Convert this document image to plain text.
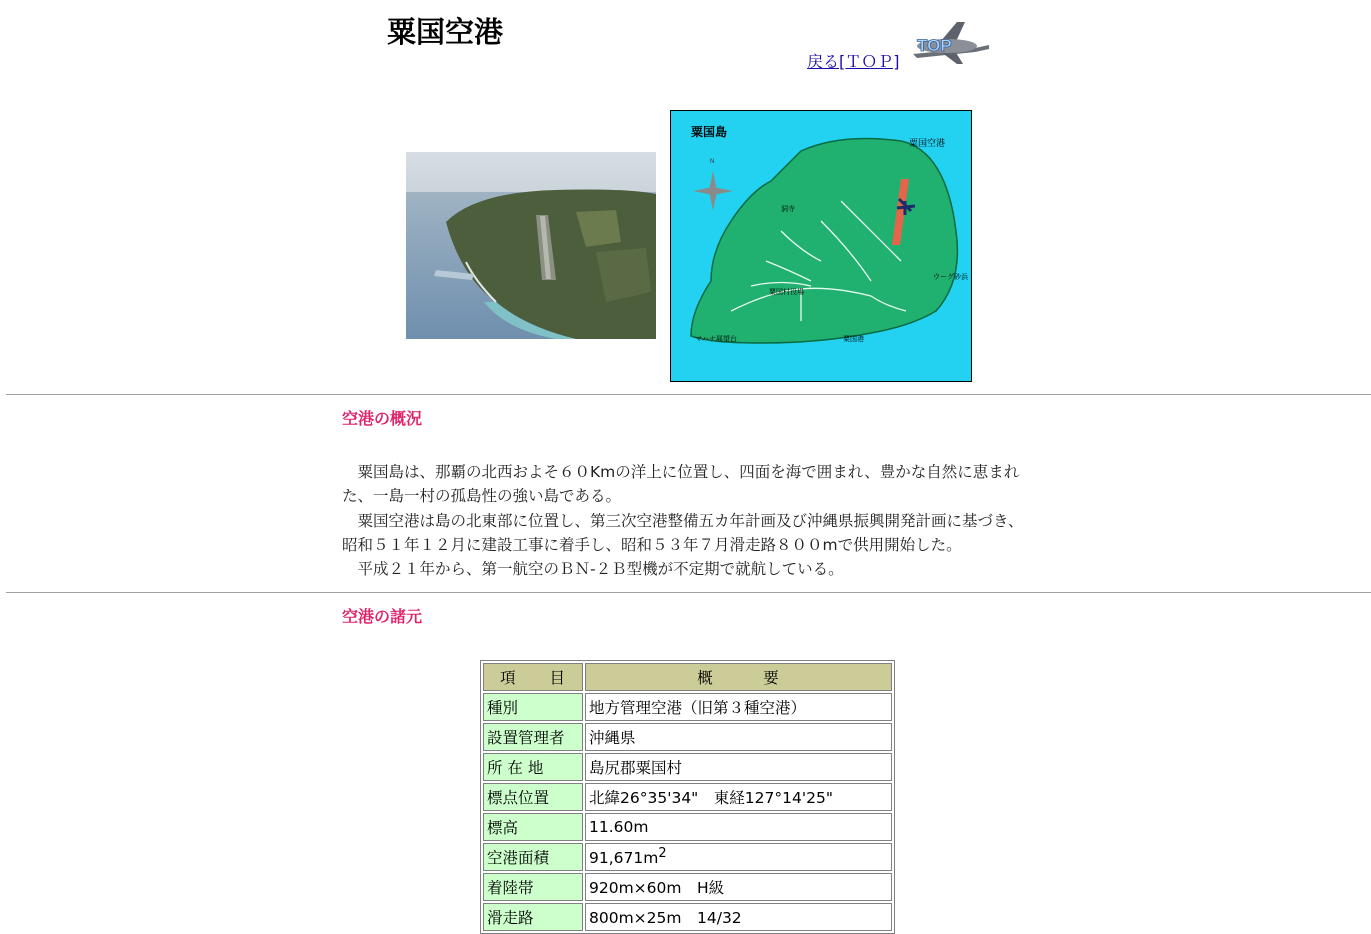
粟国空港
戻る[ＴＯＰ]
TOP
N
粟国島
粟国空港
洞寺
ウーグ砂浜
粟国村役場
粟国港
マハナ展望台
空港の概況

粟国島は、那覇の北西およそ６０Kmの洋上に位置し、四面を海で囲まれ、豊かな自然に恵まれた、一島一村の孤島性の強い島である。

粟国空港は島の北東部に位置し、第三次空港整備五カ年計画及び沖縄県振興開発計画に基づき、昭和５１年１２月に建設工事に着手し、昭和５３年７月滑走路８００mで供用開始した。

平成２１年から、第一航空のＢＮ-２Ｂ型機が不定期で就航している。

空港の諸元
項　　目	概　　　要
種別	地方管理空港（旧第３種空港）
設置管理者	沖縄県
所 在 地	島尻郡粟国村
標点位置	北緯26°35'34"　東経127°14'25"
標高	11.60m
空港面積	$91,671m^2$
着陸帯	920m×60m　H級
滑走路	800m×25m　14/32
